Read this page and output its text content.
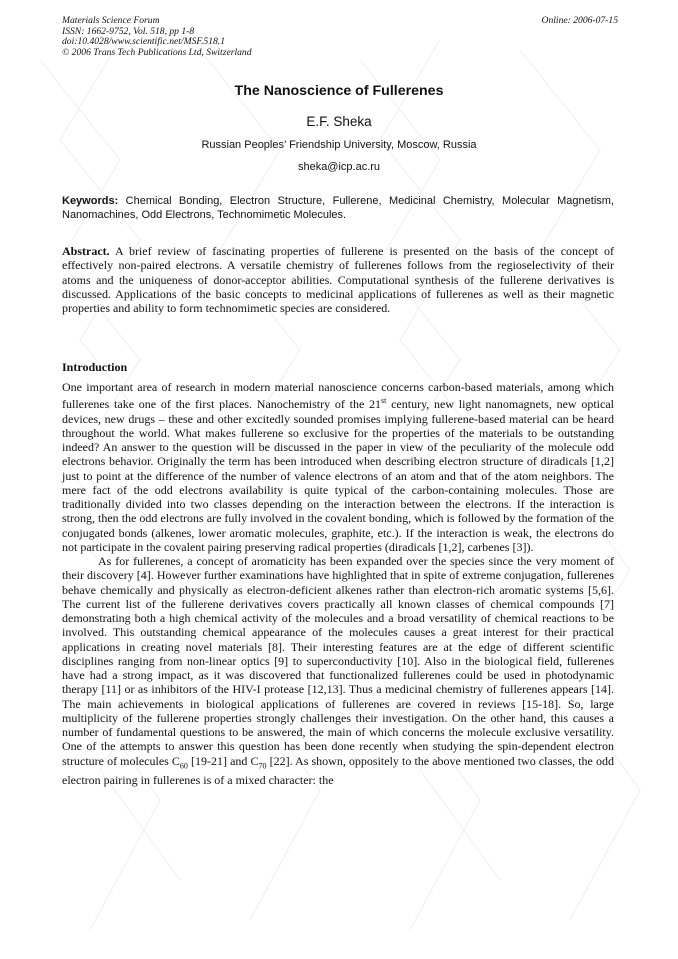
Materials Science Forum
ISSN: 1662-9752, Vol. 518, pp 1-8
doi:10.4028/www.scientific.net/MSF.518.1
© 2006 Trans Tech Publications Ltd, Switzerland
Online: 2006-07-15
The Nanoscience of Fullerenes
E.F. Sheka
Russian Peoples’ Friendship University, Moscow, Russia
sheka@icp.ac.ru
Keywords: Chemical Bonding, Electron Structure, Fullerene, Medicinal Chemistry, Molecular Magnetism, Nanomachines, Odd Electrons, Technomimetic Molecules.
Abstract. A brief review of fascinating properties of fullerene is presented on the basis of the concept of effectively non-paired electrons. A versatile chemistry of fullerenes follows from the regioselectivity of their atoms and the uniqueness of donor-acceptor abilities. Computational synthesis of the fullerene derivatives is discussed. Applications of the basic concepts to medicinal applications of fullerenes as well as their magnetic properties and ability to form technomimetic species are considered.
Introduction

One important area of research in modern material nanoscience concerns carbon-based materials, among which fullerenes take one of the first places. Nanochemistry of the 21st century, new light nanomagnets, new optical devices, new drugs – these and other excitedly sounded promises implying fullerene-based material can be heard throughout the world. What makes fullerene so exclusive for the properties of the materials to be outstanding indeed? An answer to the question will be discussed in the paper in view of the peculiarity of the molecule odd electrons behavior. Originally the term has been introduced when describing electron structure of diradicals [1,2] just to point at the difference of the number of valence electrons of an atom and that of the atom neighbors. The mere fact of the odd electrons availability is quite typical of the carbon-containing molecules. Those are traditionally divided into two classes depending on the interaction between the electrons. If the interaction is strong, then the odd electrons are fully involved in the covalent bonding, which is followed by the formation of the conjugated bonds (alkenes, lower aromatic molecules, graphite, etc.). If the interaction is weak, the electrons do not participate in the covalent pairing preserving radical properties (diradicals [1,2], carbenes [3]).

As for fullerenes, a concept of aromaticity has been expanded over the species since the very moment of their discovery [4]. However further examinations have highlighted that in spite of extreme conjugation, fullerenes behave chemically and physically as electron-deficient alkenes rather than electron-rich aromatic systems [5,6]. The current list of the fullerene derivatives covers practically all known classes of chemical compounds [7] demonstrating both a high chemical activity of the molecules and a broad versatility of chemical reactions to be involved. This outstanding chemical appearance of the molecules causes a great interest for their practical applications in creating novel materials [8]. Their interesting features are at the edge of different scientific disciplines ranging from non-linear optics [9] to superconductivity [10]. Also in the biological field, fullerenes have had a strong impact, as it was discovered that functionalized fullerenes could be used in photodynamic therapy [11] or as inhibitors of the HIV-I protease [12,13]. Thus a medicinal chemistry of fullerenes appears [14]. The main achievements in biological applications of fullerenes are covered in reviews [15-18]. So, large multiplicity of the fullerene properties strongly challenges their investigation. On the other hand, this causes a number of fundamental questions to be answered, the main of which concerns the molecule exclusive versatility. One of the attempts to answer this question has been done recently when studying the spin-dependent electron structure of molecules $C_{60}$ [19-21] and $C_{70}$ [22]. As shown, oppositely to the above mentioned two classes, the odd electron pairing in fullerenes is of a mixed character: the
